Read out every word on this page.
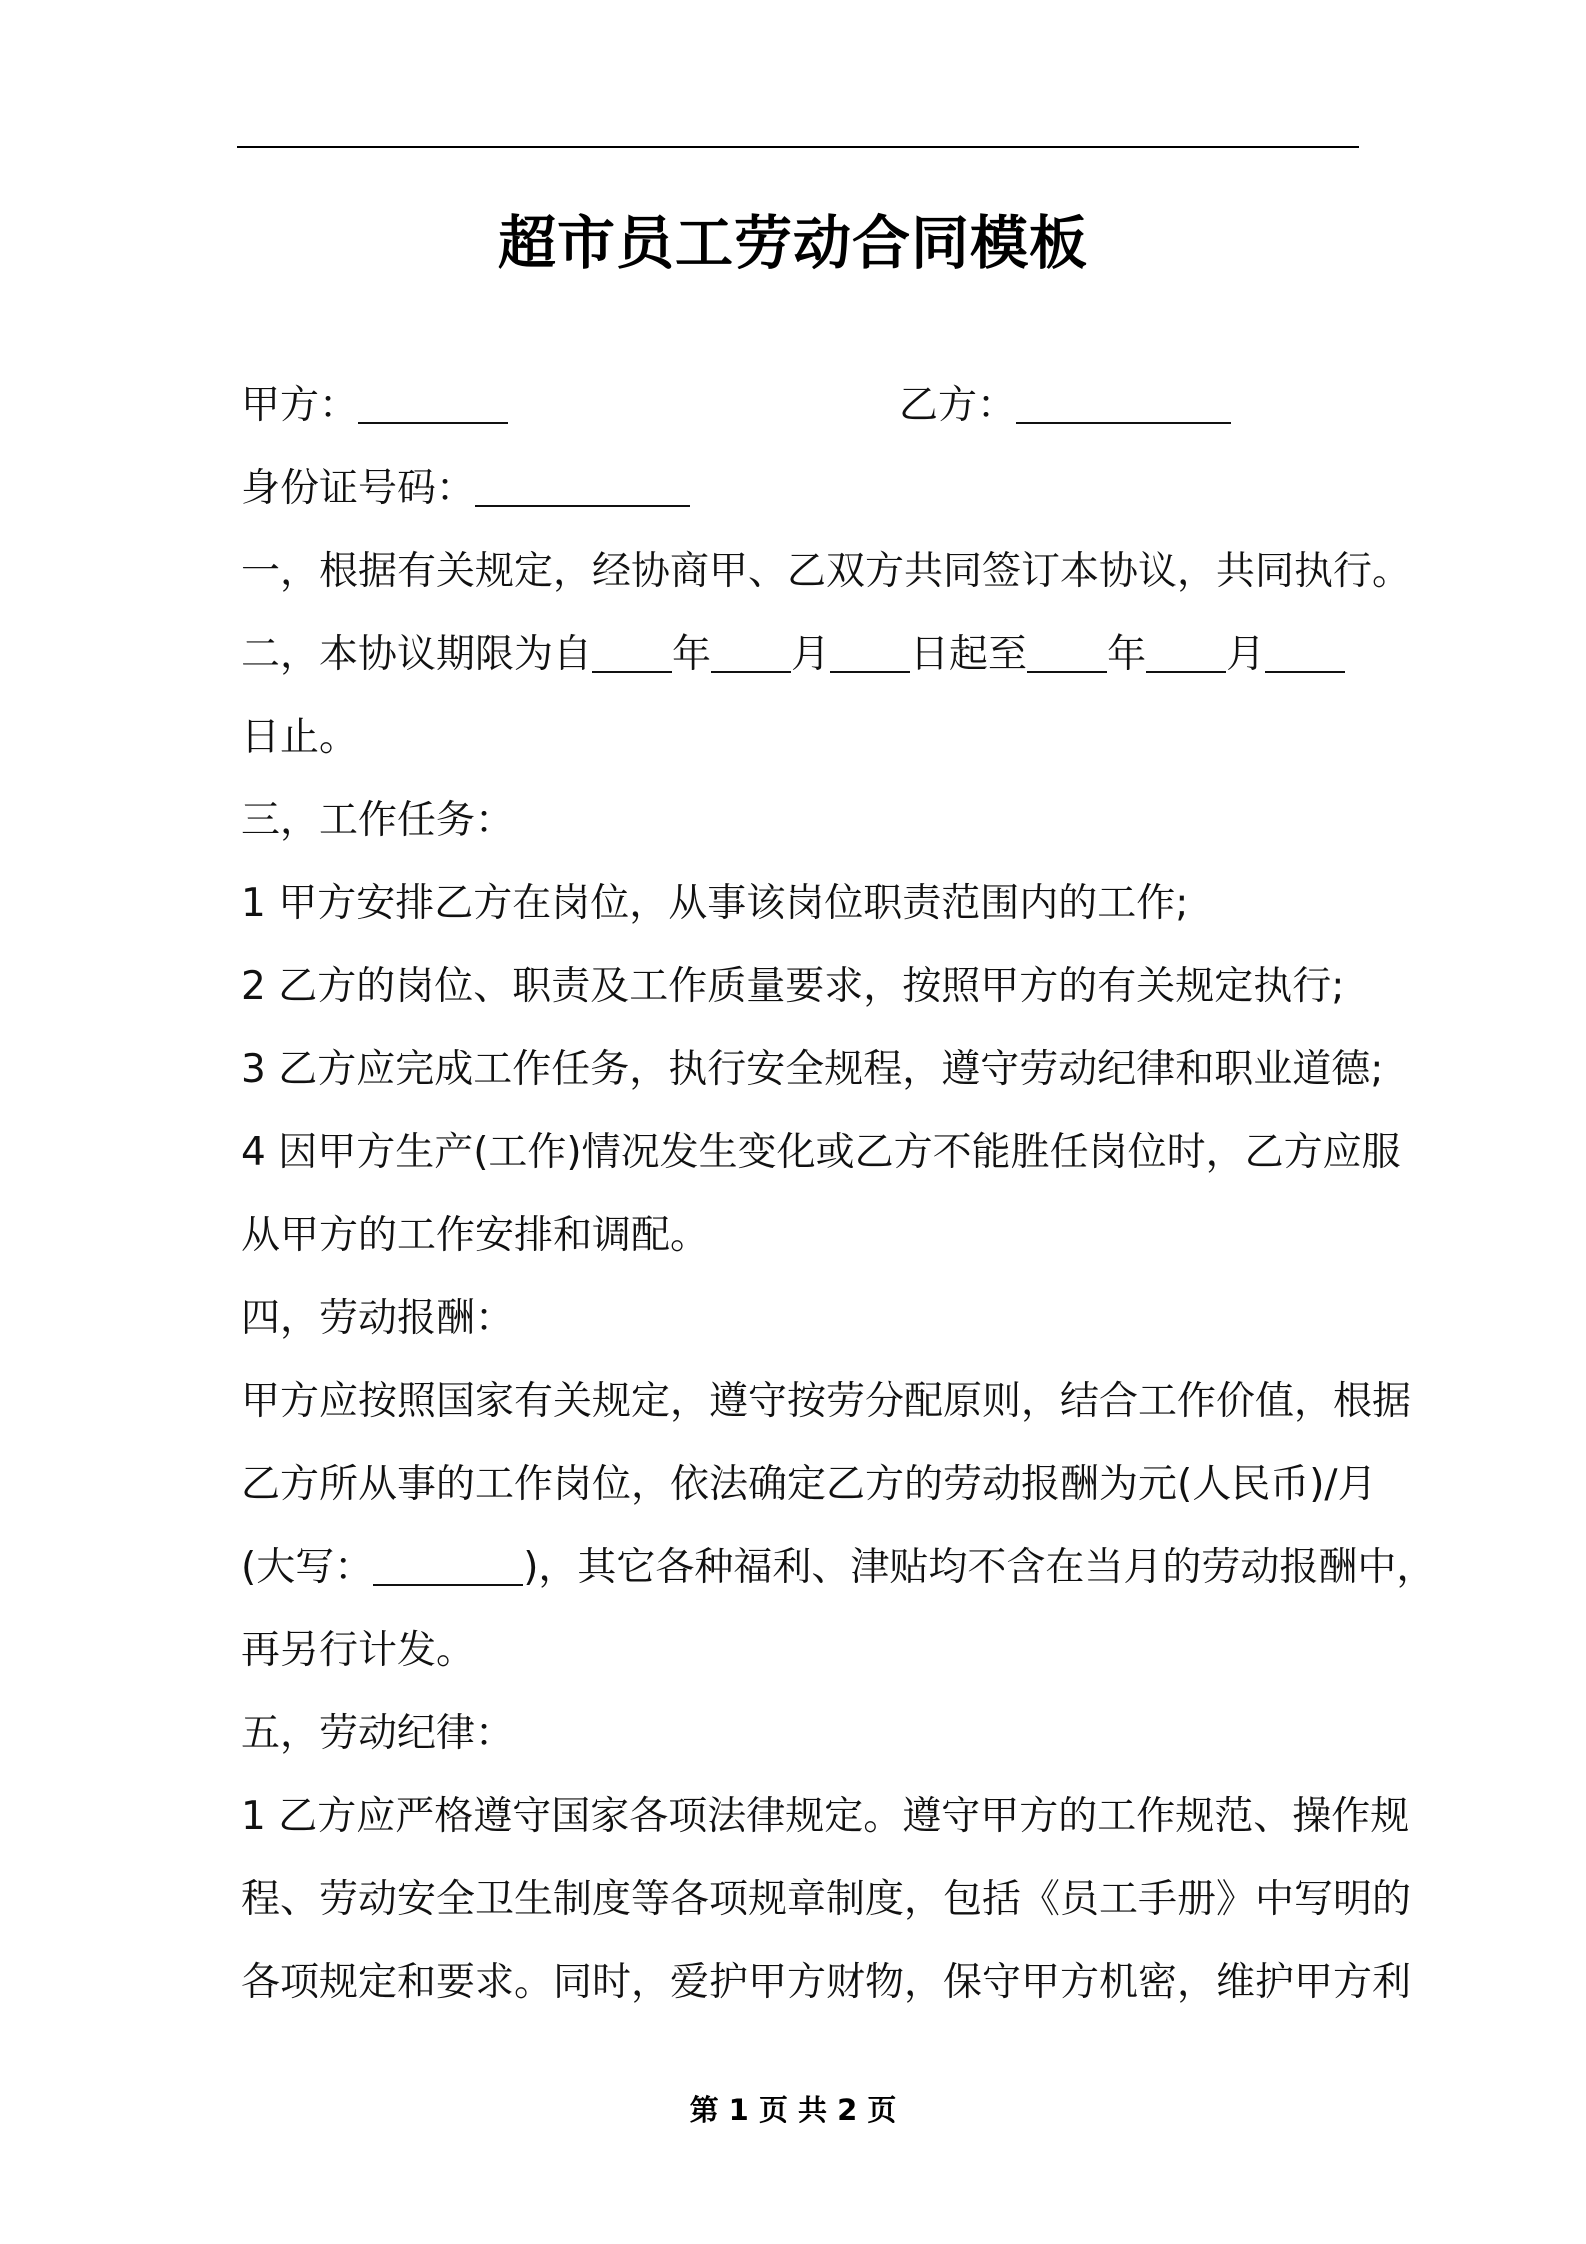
超市员工劳动合同模板
甲方：	乙方：
身份证号码：
一，根据有关规定，经协商甲、乙双方共同签订本协议，共同执行。
二，本协议期限为自 年 月 日起至 年 月
日止。
三，工作任务：
1 甲方安排乙方在岗位，从事该岗位职责范围内的工作;
2 乙方的岗位、职责及工作质量要求，按照甲方的有关规定执行;
3 乙方应完成工作任务，执行安全规程，遵守劳动纪律和职业道德;
4 因甲方生产(工作)情况发生变化或乙方不能胜任岗位时，乙方应服
从甲方的工作安排和调配。
四，劳动报酬：
甲方应按照国家有关规定，遵守按劳分配原则，结合工作价值，根据
乙方所从事的工作岗位，依法确定乙方的劳动报酬为元(人民币)/月
(大写：	)，其它各种福利、津贴均不含在当月的劳动报酬中，
再另行计发。
五，劳动纪律：
1 乙方应严格遵守国家各项法律规定。遵守甲方的工作规范、操作规
程、劳动安全卫生制度等各项规章制度，包括《员工手册》中写明的
各项规定和要求。同时，爱护甲方财物，保守甲方机密，维护甲方利
第 1 页 共 2 页
